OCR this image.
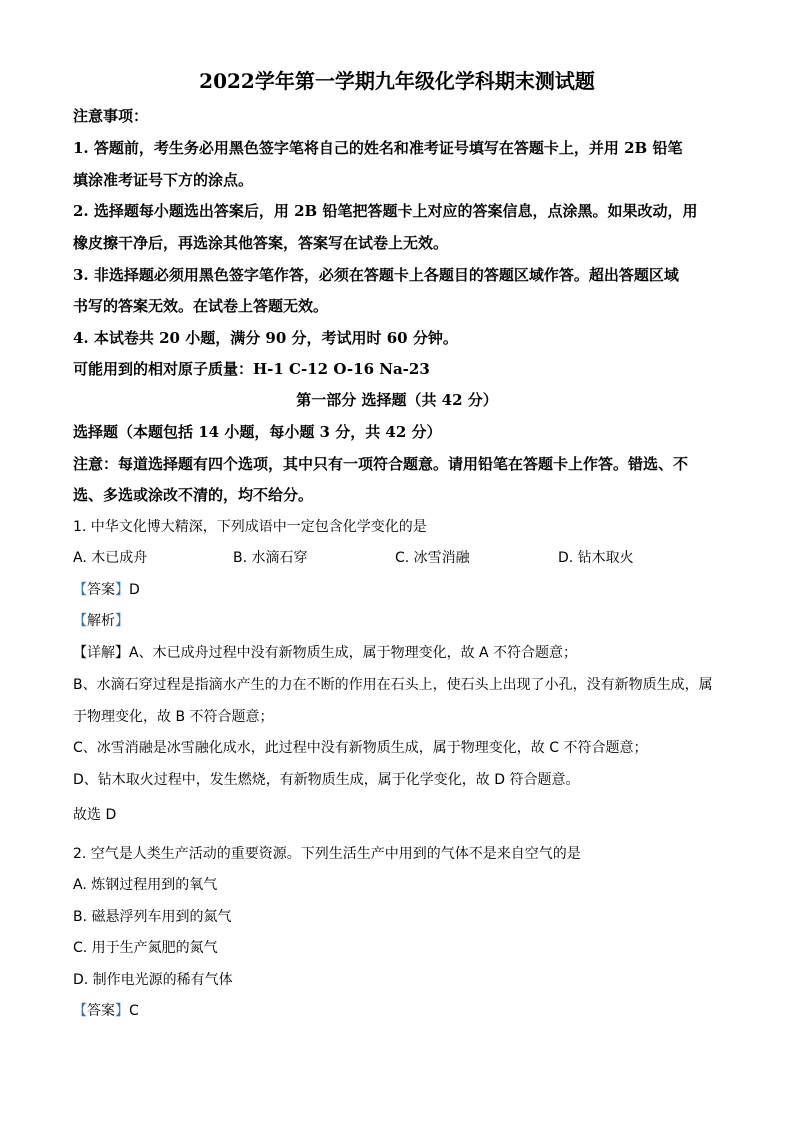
2022学年第一学期九年级化学科期末测试题
注意事项：
1. 答题前，考生务必用黑色签字笔将自己的姓名和准考证号填写在答题卡上，并用 2B 铅笔
填涂准考证号下方的涂点。
2. 选择题每小题选出答案后，用 2B 铅笔把答题卡上对应的答案信息，点涂黑。如果改动，用
橡皮擦干净后，再选涂其他答案，答案写在试卷上无效。
3. 非选择题必须用黑色签字笔作答，必须在答题卡上各题目的答题区域作答。超出答题区域
书写的答案无效。在试卷上答题无效。
4. 本试卷共 20 小题，满分 90 分，考试用时 60 分钟。
可能用到的相对原子质量：H-1 C-12 O-16 Na-23
第一部分 选择题（共 42 分）
选择题（本题包括 14 小题，每小题 3 分，共 42 分）
注意：每道选择题有四个选项，其中只有一项符合题意。请用铅笔在答题卡上作答。错选、不
选、多选或涂改不清的，均不给分。
1. 中华文化博大精深，下列成语中一定包含化学变化的是
A. 木已成舟	B. 水滴石穿	C. 冰雪消融	D. 钻木取火
【答案】D
【解析】
【详解】A、木已成舟过程中没有新物质生成，属于物理变化，故 A 不符合题意；
B、水滴石穿过程是指滴水产生的力在不断的作用在石头上，使石头上出现了小孔，没有新物质生成，属
于物理变化，故 B 不符合题意；
C、冰雪消融是冰雪融化成水，此过程中没有新物质生成，属于物理变化，故 C 不符合题意；
D、钻木取火过程中，发生燃烧，有新物质生成，属于化学变化，故 D 符合题意。
故选 D
2. 空气是人类生产活动的重要资源。下列生活生产中用到的气体不是来自空气的是
A. 炼钢过程用到的氧气
B. 磁悬浮列车用到的氮气
C. 用于生产氮肥的氮气
D. 制作电光源的稀有气体
【答案】C
